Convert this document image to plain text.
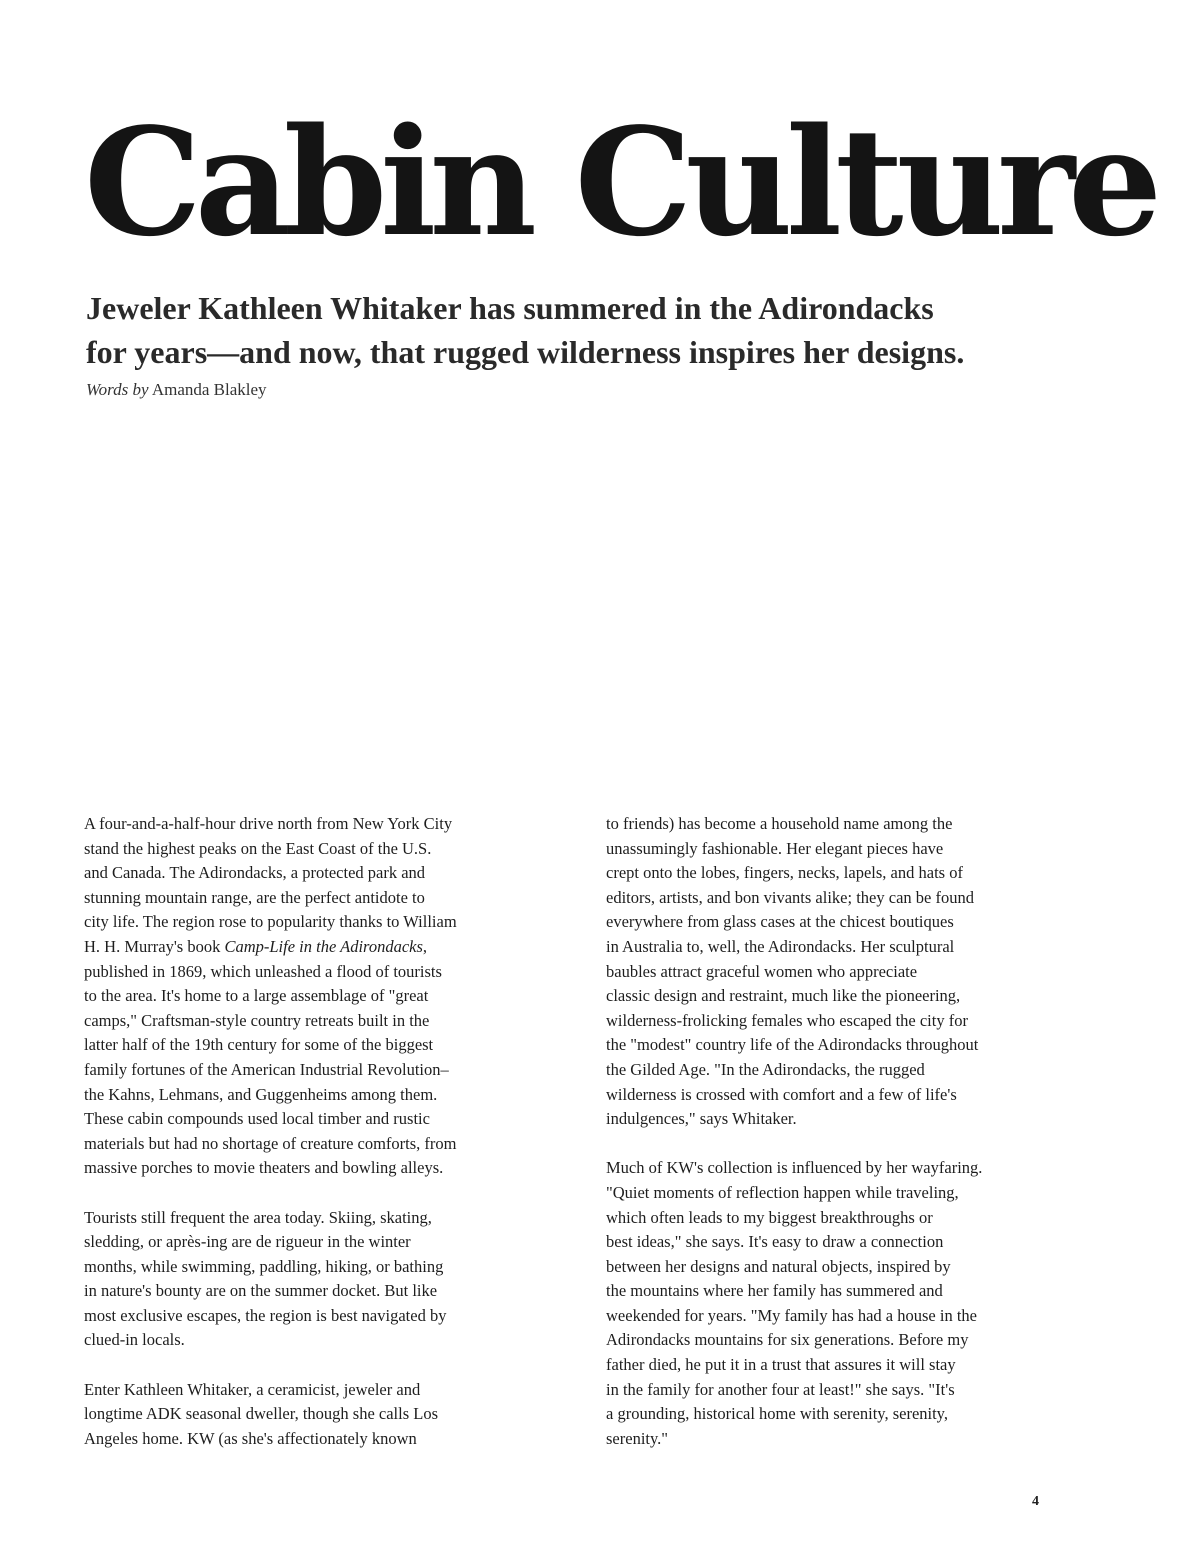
Cabin Culture
Jeweler Kathleen Whitaker has summered in the Adirondacks
for years—and now, that rugged wilderness inspires her designs.
Words by Amanda Blakley

A four-and-a-half-hour drive north from New York City
stand the highest peaks on the East Coast of the U.S.
and Canada. The Adirondacks, a protected park and
stunning mountain range, are the perfect antidote to
city life. The region rose to popularity thanks to William
H. H. Murray's book Camp-Life in the Adirondacks,
published in 1869, which unleashed a flood of tourists
to the area. It's home to a large assemblage of "great
camps," Craftsman-style country retreats built in the
latter half of the 19th century for some of the biggest
family fortunes of the American Industrial Revolution–
the Kahns, Lehmans, and Guggenheims among them.
These cabin compounds used local timber and rustic
materials but had no shortage of creature comforts, from
massive porches to movie theaters and bowling alleys.

Tourists still frequent the area today. Skiing, skating,
sledding, or après-ing are de rigueur in the winter
months, while swimming, paddling, hiking, or bathing
in nature's bounty are on the summer docket. But like
most exclusive escapes, the region is best navigated by
clued-in locals.

Enter Kathleen Whitaker, a ceramicist, jeweler and
longtime ADK seasonal dweller, though she calls Los
Angeles home. KW (as she's affectionately known

to friends) has become a household name among the
unassumingly fashionable. Her elegant pieces have
crept onto the lobes, fingers, necks, lapels, and hats of
editors, artists, and bon vivants alike; they can be found
everywhere from glass cases at the chicest boutiques
in Australia to, well, the Adirondacks. Her sculptural
baubles attract graceful women who appreciate
classic design and restraint, much like the pioneering,
wilderness-frolicking females who escaped the city for
the "modest" country life of the Adirondacks throughout
the Gilded Age. "In the Adirondacks, the rugged
wilderness is crossed with comfort and a few of life's
indulgences," says Whitaker.

Much of KW's collection is influenced by her wayfaring.
"Quiet moments of reflection happen while traveling,
which often leads to my biggest breakthroughs or
best ideas," she says. It's easy to draw a connection
between her designs and natural objects, inspired by
the mountains where her family has summered and
weekended for years. "My family has had a house in the
Adirondacks mountains for six generations. Before my
father died, he put it in a trust that assures it will stay
in the family for another four at least!" she says. "It's
a grounding, historical home with serenity, serenity,
serenity."

4
